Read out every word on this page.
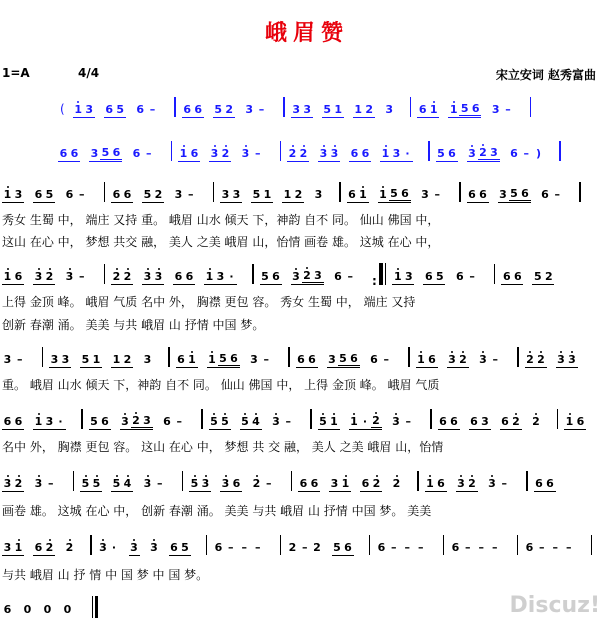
峨眉赞
1=A	4/4	宋立安词 赵秀富曲
( 1 3 6 5 6 –	6 6 5 2 3 –	3 3 5 1 1 2 3 6 1 1 5 6 3 –
6 6 3 5 6 6 –	1 6 3 2 3 –	2 2 3 3 6 6 1 3 ·	5 6 3 2 3 6 – )
1 3 6 5 6 –	6 6 5 2 3 –	3 3 5 1 1 2 3 6 1 1 5 6 3 –	6 6 3 5 6 6 –
秀女 生蜀 中， 端庄 又持 重。 峨眉 山水 倾天 下，神韵 自不 同。 仙山 佛国 中，
这山 在心 中， 梦想 共交 融， 美人 之美 峨眉 山，怡情 画卷 雄。 这城 在心 中，
1 6 3 2 3 –	2 2 3 3 6 6 1 3 ·	5 6 3 2 3 6 – : 1 3 6 5 6 –	6 6 5 2
上得 金顶 峰。 峨眉 气质 名中 外， 胸襟 更包 容。 秀女 生蜀 中， 端庄 又持
创新 春潮 涌。 美美 与共 峨眉 山 抒情 中国 梦。
3 –	3 3 5 1 1 2 3 6 1 1 5 6 3 –	6 6 3 5 6 6 –	1 6 3 2 3 –	2 2 3 3
重。 峨眉 山水 倾天 下，神韵 自不 同。 仙山 佛国 中， 上得 金顶 峰。 峨眉 气质
6 6 1 3 ·	5 6 3 2 3 6 –	5 5 5 4 3 –	5 1 1 · 2 3 –	6 6 6 3 6 2 2 1 6
名中 外， 胸襟 更包 容。 这山 在心 中， 梦想 共 交 融， 美人 之美 峨眉 山，怡情
3 2 3 –	5 5 5 4 3 –	5 3 3 6 2 –	6 6 3 1 6 2 2 1 6 3 2 3 –	6 6
画卷 雄。 这城 在心 中， 创新 春潮 涌。 美美 与共 峨眉 山 抒情 中国 梦。 美美
3 1 6 2 2 3 ·	3 3 6 5 6 – – –	2 – 2 5 6 6 – – –	6 – – –	6 – – –
与共 峨眉 山 抒 情 中 国 梦 中 国 梦。
6 0 0 0	Discuz!
